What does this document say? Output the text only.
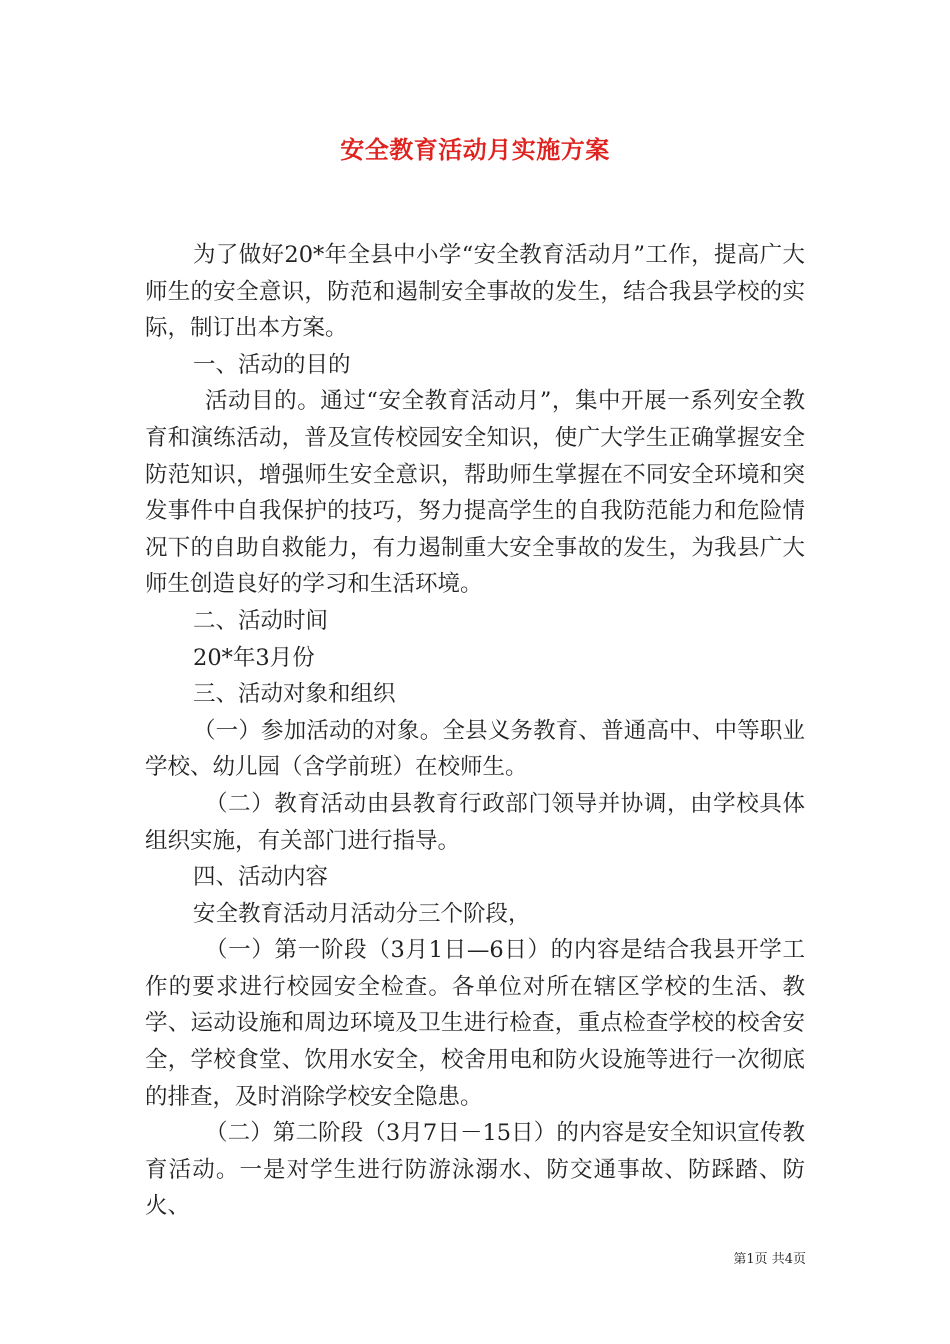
安全教育活动月实施方案

为了做好20*年全县中小学“安全教育活动月”工作，提高广大师生的安全意识，防范和遏制安全事故的发生，结合我县学校的实际，制订出本方案。

一、活动的目的

活动目的。通过“安全教育活动月”，集中开展一系列安全教育和演练活动，普及宣传校园安全知识，使广大学生正确掌握安全防范知识，增强师生安全意识，帮助师生掌握在不同安全环境和突发事件中自我保护的技巧，努力提高学生的自我防范能力和危险情况下的自助自救能力，有力遏制重大安全事故的发生，为我县广大师生创造良好的学习和生活环境。

二、活动时间

20*年3月份

三、活动对象和组织

（一）参加活动的对象。全县义务教育、普通高中、中等职业学校、幼儿园（含学前班）在校师生。

（二）教育活动由县教育行政部门领导并协调，由学校具体组织实施，有关部门进行指导。

四、活动内容

安全教育活动月活动分三个阶段，

（一）第一阶段（3月1日—6日）的内容是结合我县开学工作的要求进行校园安全检查。各单位对所在辖区学校的生活、教学、运动设施和周边环境及卫生进行检查，重点检查学校的校舍安全，学校食堂、饮用水安全，校舍用电和防火设施等进行一次彻底的排查，及时消除学校安全隐患。

（二）第二阶段（3月7日－15日）的内容是安全知识宣传教育活动。一是对学生进行防游泳溺水、防交通事故、防踩踏、防火、

第1页 共4页
